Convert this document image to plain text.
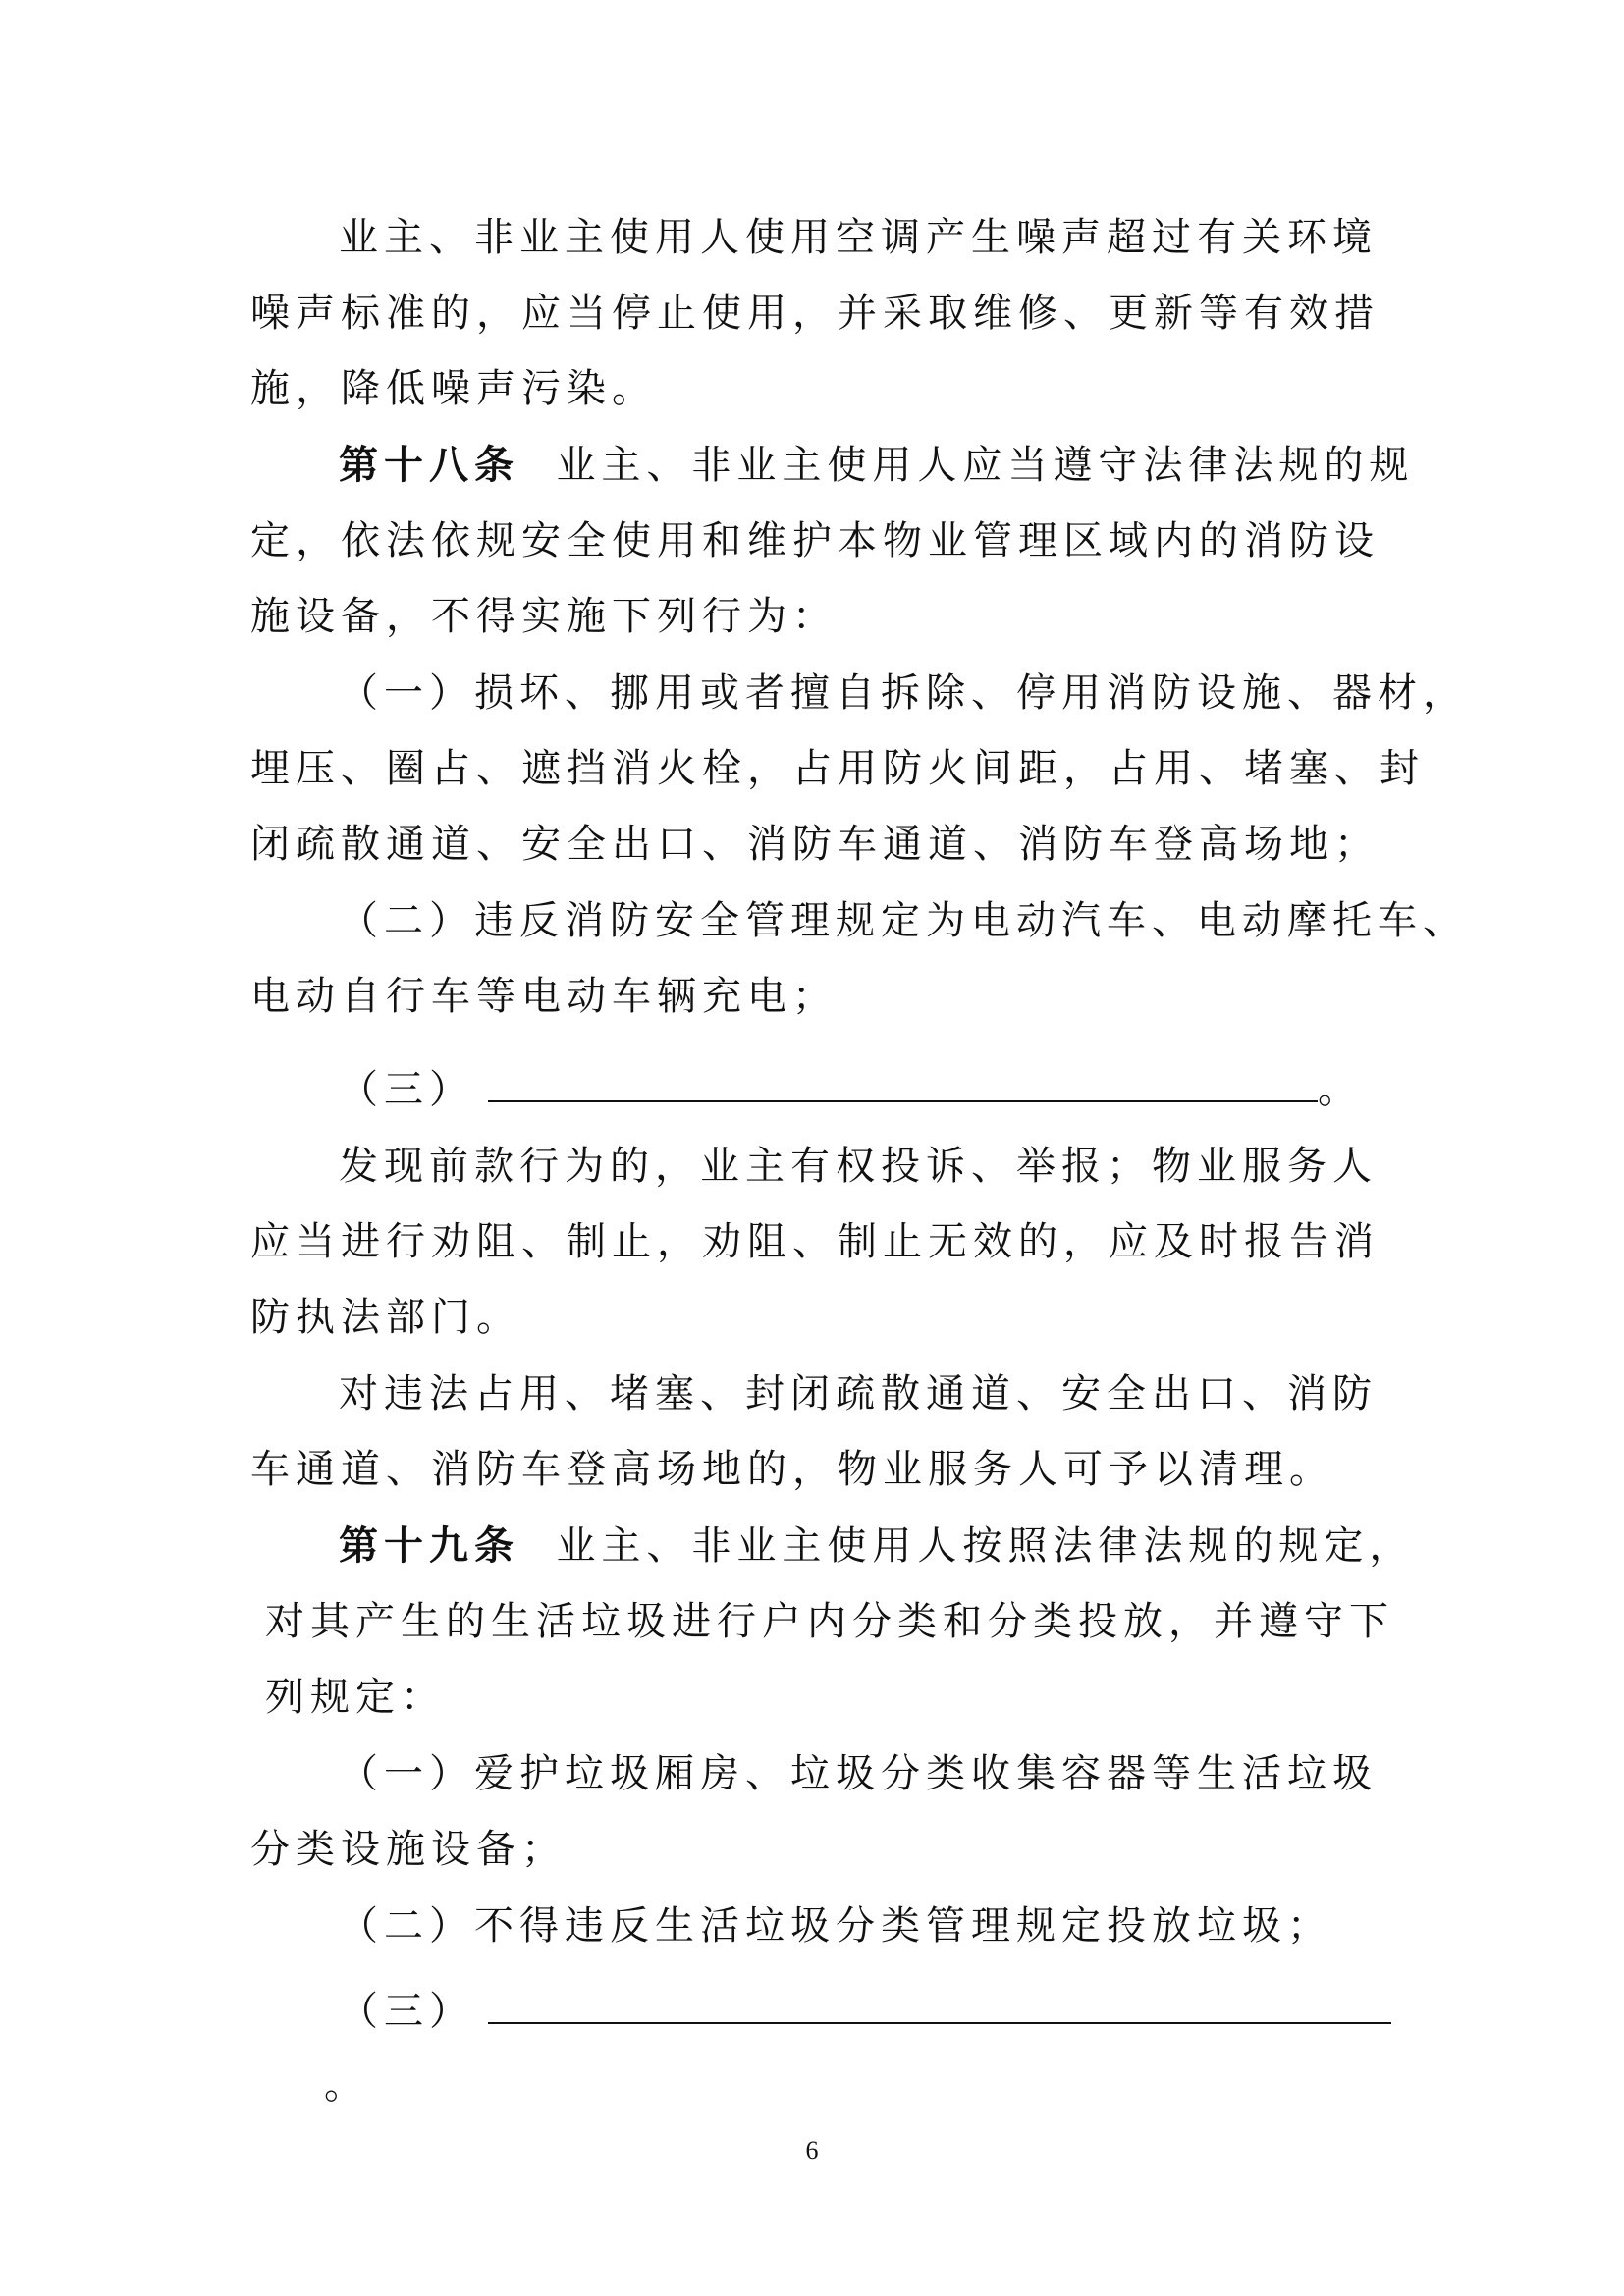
业主、非业主使用人使用空调产生噪声超过有关环境
噪声标准的，应当停止使用，并采取维修、更新等有效措
施，降低噪声污染。
第十八条 业主、非业主使用人应当遵守法律法规的规
定，依法依规安全使用和维护本物业管理区域内的消防设
施设备，不得实施下列行为：
（一）损坏、挪用或者擅自拆除、停用消防设施、器材，
埋压、圈占、遮挡消火栓，占用防火间距，占用、堵塞、封
闭疏散通道、安全出口、消防车通道、消防车登高场地；
（二）违反消防安全管理规定为电动汽车、电动摩托车、
电动自行车等电动车辆充电；
（三）	。
发现前款行为的，业主有权投诉、举报；物业服务人
应当进行劝阻、制止，劝阻、制止无效的，应及时报告消
防执法部门。
对违法占用、堵塞、封闭疏散通道、安全出口、消防
车通道、消防车登高场地的，物业服务人可予以清理。
第十九条 业主、非业主使用人按照法律法规的规定，
对其产生的生活垃圾进行户内分类和分类投放，并遵守下
列规定：
（一）爱护垃圾厢房、垃圾分类收集容器等生活垃圾
分类设施设备；
（二）不得违反生活垃圾分类管理规定投放垃圾；
（三）
。
6
